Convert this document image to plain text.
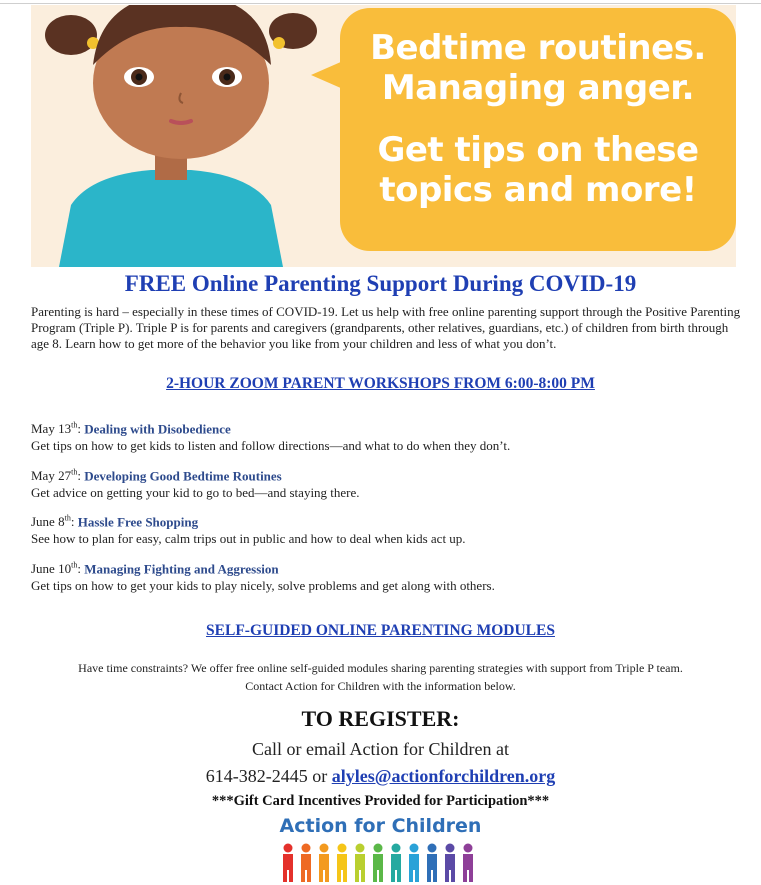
Bedtime routines.
Managing anger.
Get tips on these
topics and more!
FREE Online Parenting Support During COVID-19
Parenting is hard – especially in these times of COVID-19. Let us help with free online parenting support through the Positive Parenting Program (Triple P). Triple P is for parents and caregivers (grandparents, other relatives, guardians, etc.) of children from birth through age 8. Learn how to get more of the behavior you like from your children and less of what you don’t.
2-HOUR ZOOM PARENT WORKSHOPS FROM 6:00-8:00 PM
May 13th: Dealing with Disobedience
Get tips on how to get kids to listen and follow directions—and what to do when they don’t.
May 27th: Developing Good Bedtime Routines
Get advice on getting your kid to go to bed—and staying there.
June 8th: Hassle Free Shopping
See how to plan for easy, calm trips out in public and how to deal when kids act up.
June 10th: Managing Fighting and Aggression
Get tips on how to get your kids to play nicely, solve problems and get along with others.
SELF-GUIDED ONLINE PARENTING MODULES
Have time constraints? We offer free online self-guided modules sharing parenting strategies with support from Triple P team.
Contact Action for Children with the information below.
TO REGISTER:
Call or email Action for Children at
614-382-2445 or alyles@actionforchildren.org
***Gift Card Incentives Provided for Participation***
Action for Children
